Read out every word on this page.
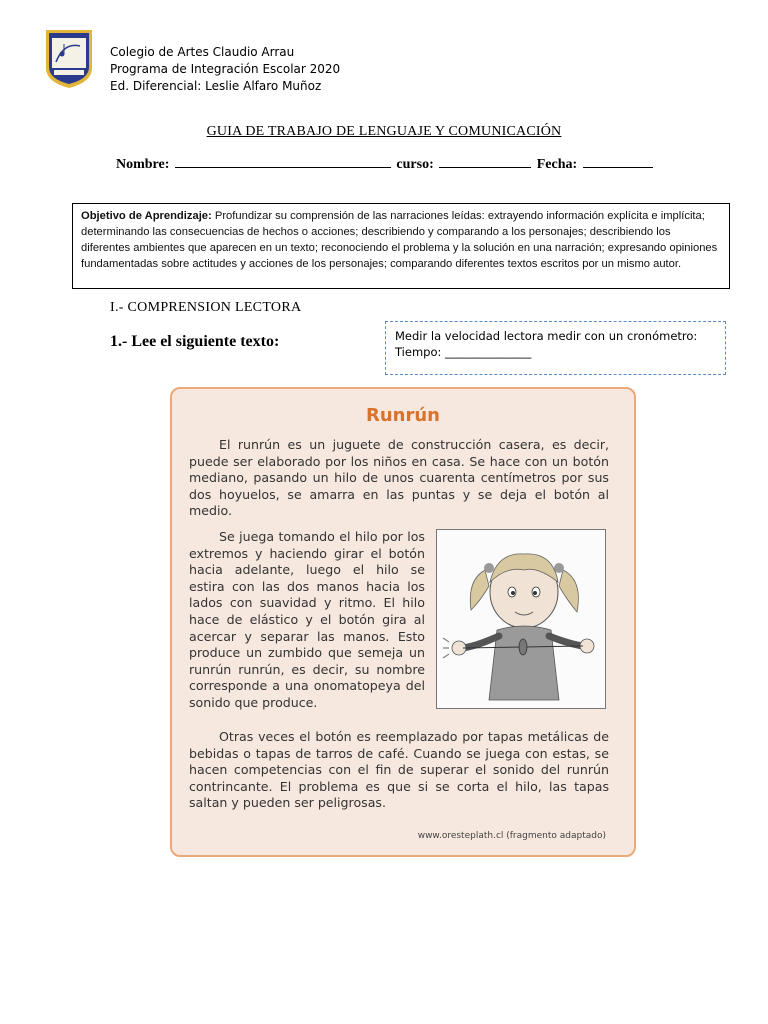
Colegio de Artes Claudio Arrau
Programa de Integración Escolar 2020
Ed. Diferencial: Leslie Alfaro Muñoz
GUIA DE TRABAJO DE LENGUAJE Y COMUNICACIÓN
Nombre:	curso:	Fecha:
Objetivo de Aprendizaje: Profundizar su comprensión de las narraciones leídas: extrayendo información explícita e implícita; determinando las consecuencias de hechos o acciones; describiendo y comparando a los personajes; describiendo los diferentes ambientes que aparecen en un texto; reconociendo el problema y la solución en una narración; expresando opiniones fundamentadas sobre actitudes y acciones de los personajes; comparando diferentes textos escritos por un mismo autor.
I.- COMPRENSION LECTORA
1.- Lee el siguiente texto:	Medir la velocidad lectora medir con un cronómetro:
Tiempo: _______________
Runrún
El runrún es un juguete de construcción casera, es decir, puede ser elaborado por los niños en casa. Se hace con un botón mediano, pasando un hilo de unos cuarenta centímetros por sus dos hoyuelos, se amarra en las puntas y se deja el botón al medio.
Se juega tomando el hilo por los extremos y haciendo girar el botón hacia adelante, luego el hilo se estira con las dos manos hacia los lados con suavidad y ritmo. El hilo hace de elástico y el botón gira al acercar y separar las manos. Esto produce un zumbido que semeja un runrún runrún, es decir, su nombre corresponde a una onomatopeya del sonido que produce.
Otras veces el botón es reemplazado por tapas metálicas de bebidas o tapas de tarros de café. Cuando se juega con estas, se hacen competencias con el fin de superar el sonido del runrún contrincante. El problema es que si se corta el hilo, las tapas saltan y pueden ser peligrosas.
www.oresteplath.cl (fragmento adaptado)
